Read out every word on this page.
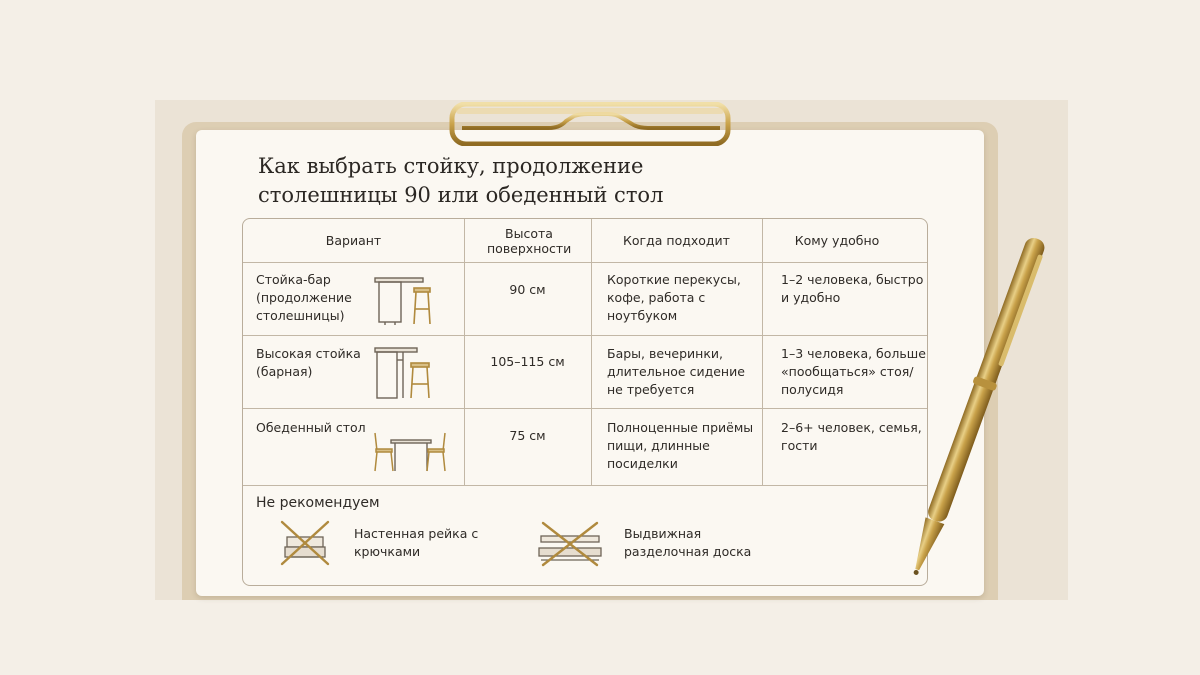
Как выбрать стойку, продолжение столешницы 90 или обеденный стол
Вариант	Высота поверхности
Когда подходит	Кому удобно
Стойка-бар (продолжение столешницы)
90 см
Короткие перекусы, кофе, работа с ноутбуком
1–2 человека, быстро и удобно
Высокая стойка (барная)
105–115 см
Бары, вечеринки, длительное сидение не требуется
1–3 человека, больше «пообщаться» стоя/полусидя
Обеденный стол
75 см
Полноценные приёмы пищи, длинные посиделки
2–6+ человек, семья, гости
Не рекомендуем
Настенная рейка с крючками
Выдвижная разделочная доска
